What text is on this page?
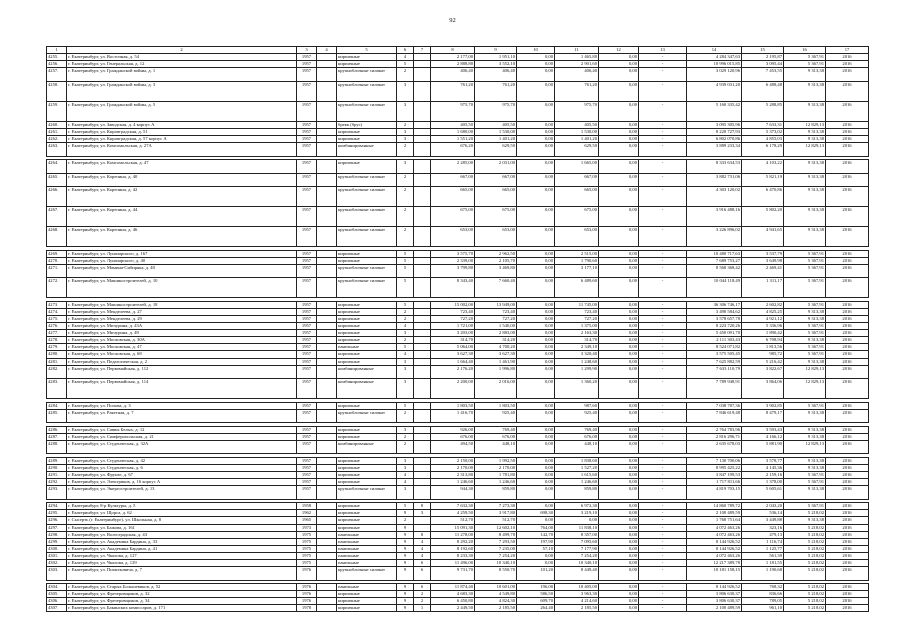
92
1	2	3	4	5	6	7	8	9	10	11	12	13	14	15	16	17
4255.	г. Екатеринбург, ул. Восточная, д. 54	1957		кирпичные	4		2 177,00	1 951,10	0,00	1 465,80	0,00	-	4 284 347,63	2 195,87	5 367,91	2016
4256.	г. Екатеринбург, ул. Генеральская, д. 12	1957		кирпичные	5		2 888,80	3 552,10	0,00	2 901,60	0,00	-	10 996 015,85	3 095,44	5 367,91	2016
4257.	г. Екатеринбург, ул. Гражданской войны, д. 1	1957		крупноблочные силикат	2		406,40	406,40	0,00	406,40	0,00	-	3 029 120,96	7 453,55	9 313,38	2016
4258.	г. Екатеринбург, ул. Гражданской войны, д. 3	1957		крупноблочные силикат	3		761,20	761,20	0,00	761,20	0,00	-	4 939 031,20	6 488,48	9 313,38	2016
4259.	г. Екатеринбург, ул. Гражданской войны, д. 5	1957		крупноблочные силикат	3		975,70	975,70	0,00	975,70	0,00	-	5 160 335,42	5 288,85	9 313,38	2016
4260.	г. Екатеринбург, ул. Заводская, д. 4 корпус А	1957		брекк (брус)	2		405,50	405,50	0,00	405,50	0,00	-	3 095 305,96	7 633,31	12 829,13	2016
4261.	г. Екатеринбург, ул. Кировградская, д. 51	1957		кирпичные	3		1 680,00	1 530,00	0,00	1 530,00	0,00	-	8 220 727,93	5 373,02	9 313,38	2016
4262.	г. Екатеринбург, ул. Кировградская, д. 57 корпус А	1957		кирпичные	3		1 551,20	1 401,20	0,00	1 401,20	0,00	-	6 802 070,86	4 855,03	9 313,38	2016
4263.	г. Екатеринбург, ул. Комсомольская, д. 27А	1957		комбинированные	2		676,20	629,50	0,00	629,50	0,00	-	3 889 233,34	6 178,29	12 829,13	2016

4264.	г. Екатеринбург, ул. Комсомольская, д. 47	1957		кирпичные	3		2 285,00	2 031,00	0,00	1 665,00	0,00	-	8 333 634,53	4 103,22	9 313,38	2016
4265.	г. Екатеринбург, ул. Корепина, д. 40	1957		крупноблочные силикат	2		667,00	667,00	0,00	667,00	0,00	-	3 882 731,06	5 821,19	9 313,38	2016
4266.	г. Екатеринбург, ул. Корепина, д. 42	1957		крупноблочные силикат	2		665,00	665,00	0,00	665,00	0,00	-	4 303 120,02	6 470,86	9 313,38	2016
4267.	г. Екатеринбург, ул. Корепина, д. 44	1957		крупноблочные силикат	2		675,00	675,00	0,00	675,00	0,00	-	3 916 488,16	5 802,20	9 313,38	2016
4268.	г. Екатеринбург, ул. Корепина, д. 46	1957		крупноблочные силикат	2		653,00	653,00	0,00	653,00	0,00	-	3 226 896,02	4 941,65	9 313,38	2016

4269.	г. Екатеринбург, ул. Луначарского, д. 167	1957		кирпичные	5		3 575,70	2 962,50	0,00	2 515,00	0,00	-	10 480 717,63	3 537,79	5 367,91	2016
4270.	г. Екатеринбург, ул. Луначарского, д. 40	1957		кирпичные	5		2 339,00	2 105,70	0,00	1 790,60	0,00	-	7 689 753,27	3 649,98	5 367,91	2016
4271.	г. Екатеринбург, ул. Мамина-Сибиряка, д. 40	1957		крупноблочные силикат	5		3 799,80	3 469,80	0,00	3 177,10	0,00	-	8 568 368,42	2 469,41	5 367,91	2016
4272.	г. Екатеринбург, ул. Машиностроителей, д. 10	1957		крупноблочные силикат	5		8 343,40	7 660,40	0,00	6 489,60	0,00	-	10 044 118,49	1 311,17	5 367,91	2016

4273.	г. Екатеринбург, ул. Машиностроителей, д. 18	1957		кирпичные	5		15 002,00	13 949,00	0,00	11 745,00	0,00	-	36 306 746,17	2 602,82	5 367,91	2016
4274.	г. Екатеринбург, ул. Менделеева, д. 27	1957		кирпичные	2		723,40	723,40	0,00	723,40	0,00	-	3 490 584,62	4 825,25	9 313,38	2016
4275.	г. Екатеринбург, ул. Менделеева, д. 29	1957		кирпичные	2		727,20	727,20	0,00	727,20	0,00	-	3 578 657,78	4 921,12	9 313,38	2016
4276.	г. Екатеринбург, ул. Мичурина, д. 43А	1957		кирпичные	4		1 721,00	1 540,00	0,00	1 375,00	0,00	-	8 223 720,26	5 336,96	5 367,91	2016
4277.	г. Екатеринбург, ул. Мичурина, д. 49	1957		кирпичные	3		3 203,00	2 883,00	0,00	2 163,30	0,00	-	5 450 091,70	1 890,42	5 367,91	2016
4278.	г. Екатеринбург, ул. Московская, д. 30А	1957		кирпичные	2		314,70	314,20	0,00	314,70	0,00	-	2 111 303,43	6 708,94	9 313,38	2016
4279.	г. Екатеринбург, ул. Московская, д. 47	1957		панельные	5		5 064,00	4 700,20	0,00	2 349,10	0,00	-	8 524 071,82	1 813,56	5 367,91	2016
4280.	г. Екатеринбург, ул. Московская, д. 68	1957		кирпичные	4		3 627,30	3 627,30	0,00	3 320,40	0,00	-	3 575 505,45	985,72	5 367,91	2016
4281.	г. Екатеринбург, ул. Педагогическая, д. 2	1957		кирпичные	3		1 664,40	1 461,90	0,00	1 248,60	0,00	-	7 625 882,59	5 216,42	9 313,38	2016
4282.	г. Екатеринбург, ул. Первомайская, д. 112	1957		комбинированные	3		2 176,20	1 996,80	0,00	1 299,90	0,00	-	7 633 110,79	3 822,67	12 829,13	2016
4283.	г. Екатеринбург, ул. Первомайская, д. 114	1957		комбинированные	3		2 200,00	2 016,00	0,00	1 360,20	0,00	-	7 789 948,91	3 864,06	12 829,13	2016

4284.	г. Екатеринбург, ул. Попова, д. 3	1957		кирпичные	5		1 803,50	1 803,50	0,00	987,60	0,00	-	7 038 787,36	3 902,85	5 367,91	2016
4285.	г. Екатеринбург, ул. Ракетная, д. 7	1957		крупноблочные силикат	2		1 416,70	925,40	0,00	925,40	0,00	-	7 846 619,48	8 479,17	9 313,38	2016

4286.	г. Екатеринбург, ул. Саввы Белых, д. 12	1957		кирпичные	3		926,00	769,40	0,00	769,40	0,00	-	2 764 783,96	3 593,43	9 313,38	2016
4287.	г. Екатеринбург, ул. Симферопольская, д. 21	1957		кирпичные	2		676,00	676,00	0,00	676,00	0,00	-	2 816 296,71	4 166,12	9 313,38	2016
4288.	г. Екатеринбург, ул. Студенческая, д. 32А	1957		комбинированные	2		494,50	448,10	0,00	448,10	0,00	-	2 635 678,03	5 881,90	12 829,13	2016

4289.	г. Екатеринбург, ул. Студенческая, д. 42	1957		кирпичные	3		2 150,00	1 992,50	0,00	1 838,60	0,00	-	7 130 700,06	3 578,77	9 313,38	2016
4290.	г. Екатеринбург, ул. Студенческая, д. 6	1957		кирпичные	3		2 170,00	2 170,00	0,00	1 527,20	0,00	-	8 995 425,22	4 145,36	9 313,38	2016
4291.	г. Екатеринбург, ул. Фрунзе, д. 67	1957		кирпичные	4		2 313,80	1 781,80	0,00	1 615,60	0,00	-	3 847 199,53	2 159,16	5 367,91	2016
4292.	г. Екатеринбург, ул. Электриков, д. 16 корпус А	1957		кирпичные	4		1 246,60	1 246,60	0,00	1 246,60	0,00	-	1 717 811,66	1 378,00	5 367,91	2016
4293.	г. Екатеринбург, ул. Энергостроителей, д. 13	1957		крупноблочные силикат	3		944,30	859,80	0,00	859,80	0,00	-	4 819 703,15	5 605,61	9 313,38	2016

4294.	г. Екатеринбург, 8-р Культуры, д. 5	1958		кирпичные	5	8	7 632,30	7 273,30	0,00	6 972,30	0,00	-	14 860 789,72	2 043,20	5 367,91	2016
4295.	г. Екатеринбург, ул. Щорса, д. 62	1962		кирпичные	9	3	4 259,50	3 917,80	698,30	3 219,10	0,00	-	2 100 489,59	536,14	5 218,02	2016
4296.	г. Сысерть (г. Екатеринбург), ул. Школьная, д. 8	1965		кирпичные	2		512,70	512,70	0,00	0,00	0,00	-	1 768 751,64	3 449,88	9 313,38	2016
4297.	г. Екатеринбург, ул. Бажова, д. 161	1973		кирпичные	9		15 091,30	12 602,10	764,00	11 838,10	0,00	-	4 072 463,26	323,16	5 218,02	2016
4298.	г. Екатеринбург, ул. Волгоградская, д. 43	1975		панельные	9	8	11 278,00	8 499,70	142,70	8 357,00	0,00	-	4 072 463,26	479,13	5 218,02	2016
4299.	г. Екатеринбург, ул. Академика Бардина, д. 33	1975		панельные	9	4	8 292,20	7 293,50	197,90	7 095,60	0,00	-	8 144 926,52	1 116,74	5 218,02	2016
4300.	г. Екатеринбург, ул. Академика Бардина, д. 41	1975		панельные	9	4	8 192,60	7 235,00	57,10	7 177,90	0,00	-	8 144 926,52	1 125,77	5 218,02	2016
4301.	г. Екатеринбург, ул. Чкалова, д. 127	1975		панельные	9	4	8 233,30	7 254,20	0,00	7 254,20	0,00	-	4 072 463,26	561,39	5 218,02	2016
4302.	г. Екатеринбург, ул. Чкалова, д. 129	1975		панельные	9	6	11 496,00	10 340,10	0,00	10 340,10	0,00	-	12 217 389,78	1 181,55	5 218,02	2016
4303.	г. Екатеринбург, ул. Пионтковича, д. 7	1976		крупноблочные силикат	9	6	9 731,70	8 550,70	101,20	8 449,40	0,00	-	10 181 158,15	1 190,68	5 218,02	2016

4304.	г. Екатеринбург, ул. Старых Большевиков, д. 52	1976		панельные	9	6	11 874,40	10 601,00	196,00	10 405,00	0,00	-	8 144 926,52	768,32	5 218,02	2016
4305.	г. Екатеринбург, ул. Фрезеровщиков, д. 32	1976		кирпичные	9	2	4 683,30	4 549,80	586,50	3 963,30	0,00	-	3 806 630,37	836,66	5 218,02	2016
4306.	г. Екатеринбург, ул. Фрезеровщиков, д. 34	1976		кирпичные	9	2	6 450,80	4 824,30	609,70	4 214,60	0,00	-	3 806 630,37	789,05	5 218,02	2016
4307.	г. Екатеринбург, ул. Бакинских комиссаров, д. 171	1978		кирпичные	9	1	2 449,50	2 185,50	264,40	2 185,50	0,00	-	2 100 489,59	961,10	5 218,02	2016
